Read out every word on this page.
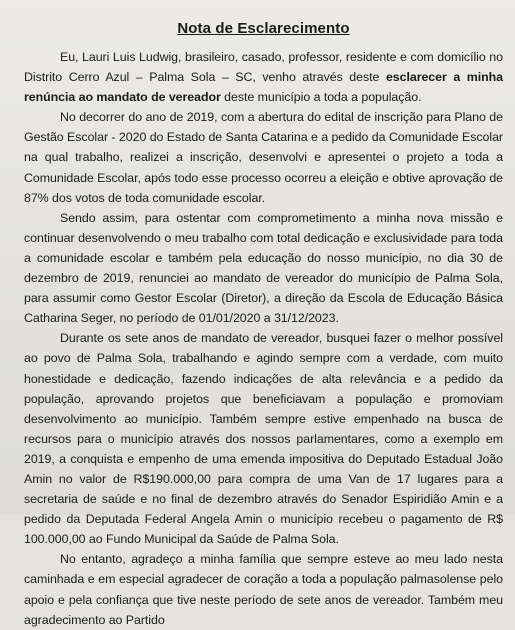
Nota de Esclarecimento

Eu, Lauri Luis Ludwig, brasileiro, casado, professor, residente e com domicílio no Distrito Cerro Azul – Palma Sola – SC, venho através deste esclarecer a minha renúncia ao mandato de vereador deste município a toda a população.

No decorrer do ano de 2019, com a abertura do edital de inscrição para Plano de Gestão Escolar - 2020 do Estado de Santa Catarina e a pedido da Comunidade Escolar na qual trabalho, realizei a inscrição, desenvolvi e apresentei o projeto a toda a Comunidade Escolar, após todo esse processo ocorreu a eleição e obtive aprovação de 87% dos votos de toda comunidade escolar.

Sendo assim, para ostentar com comprometimento a minha nova missão e continuar desenvolvendo o meu trabalho com total dedicação e exclusividade para toda a comunidade escolar e também pela educação do nosso município, no dia 30 de dezembro de 2019, renunciei ao mandato de vereador do município de Palma Sola, para assumir como Gestor Escolar (Diretor), a direção da Escola de Educação Básica Catharina Seger, no período de 01/01/2020 a 31/12/2023.

Durante os sete anos de mandato de vereador, busquei fazer o melhor possível ao povo de Palma Sola, trabalhando e agindo sempre com a verdade, com muito honestidade e dedicação, fazendo indicações de alta relevância e a pedido da população, aprovando projetos que beneficiavam a população e promoviam desenvolvimento ao município. Também sempre estive empenhado na busca de recursos para o município através dos nossos parlamentares, como a exemplo em 2019, a conquista e empenho de uma emenda impositiva do Deputado Estadual João Amin no valor de R$190.000,00 para compra de uma Van de 17 lugares para a secretaria de saúde e no final de dezembro através do Senador Espiridião Amin e a pedido da Deputada Federal Angela Amin o município recebeu o pagamento de R$ 100.000,00 ao Fundo Municipal da Saúde de Palma Sola.

No entanto, agradeço a minha família que sempre esteve ao meu lado nesta caminhada e em especial agradecer de coração a toda a população palmasolense pelo apoio e pela confiança que tive neste período de sete anos de vereador. Também meu agradecimento ao Partido
